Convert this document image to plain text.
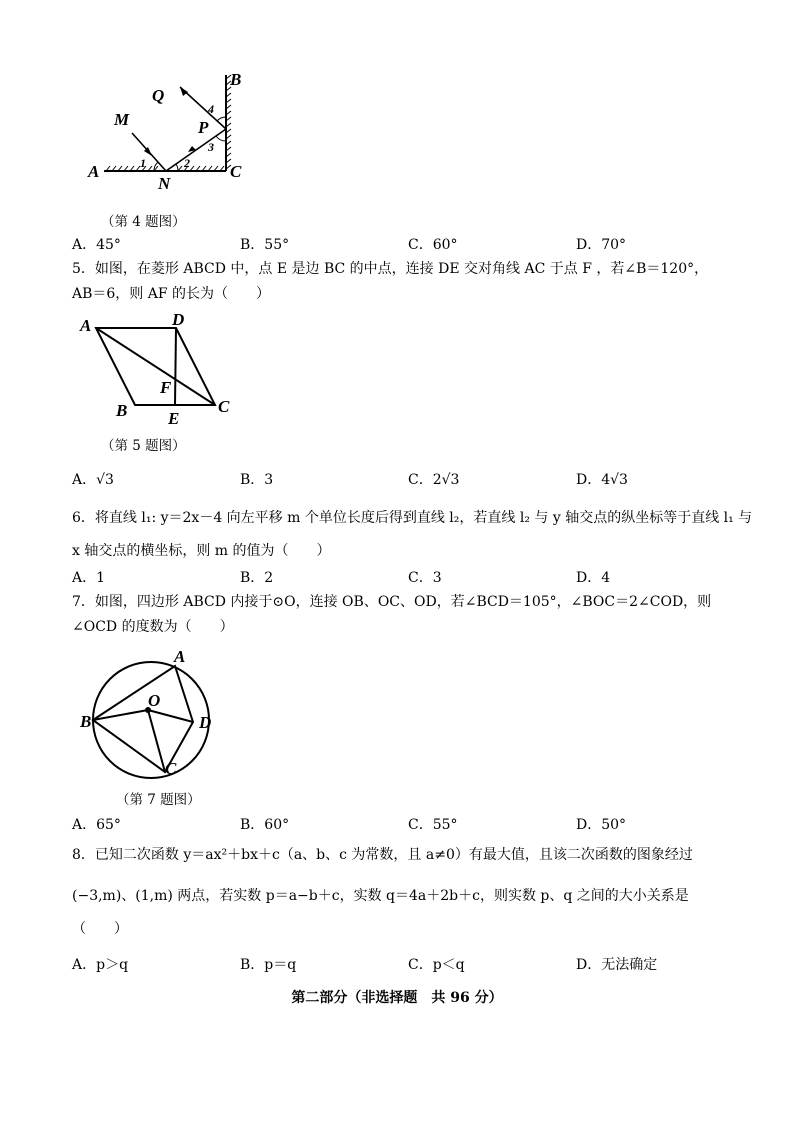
A	C
B
M
N
P
Q
1	2
3
4
（第 4 题图）
A．45°	B．55°	C．60°	D．70°
5．如图，在菱形 ABCD 中，点 E 是边 BC 的中点，连接 DE 交对角线 AC 于点 F ，若∠B＝120°，
AB＝6，则 AF 的长为（　　）
A	D
B	C
E
F
（第 5 题图）
A．√3	B．3	C．2√3	D．4√3
6．将直线 l₁: y＝2x－4 向左平移 m 个单位长度后得到直线 l₂，若直线 l₂ 与 y 轴交点的纵坐标等于直线 l₁ 与
x 轴交点的横坐标，则 m 的值为（　　）
A．1	B．2	C．3	D．4
7．如图，四边形 ABCD 内接于⊙O，连接 OB、OC、OD，若∠BCD＝105°，∠BOC＝2∠COD，则
∠OCD 的度数为（　　）
A
B
C
D
O
（第 7 题图）
A．65°	B．60°	C．55°	D．50°
8．已知二次函数 y＝ax²＋bx＋c（a、b、c 为常数，且 a≠0）有最大值，且该二次函数的图象经过
(−3,m)、(1,m) 两点，若实数 p＝a−b＋c，实数 q＝4a＋2b＋c，则实数 p、q 之间的大小关系是
（　　）
A．p＞q	B．p＝q	C．p＜q	D．无法确定
第二部分（非选择题　共 96 分）
